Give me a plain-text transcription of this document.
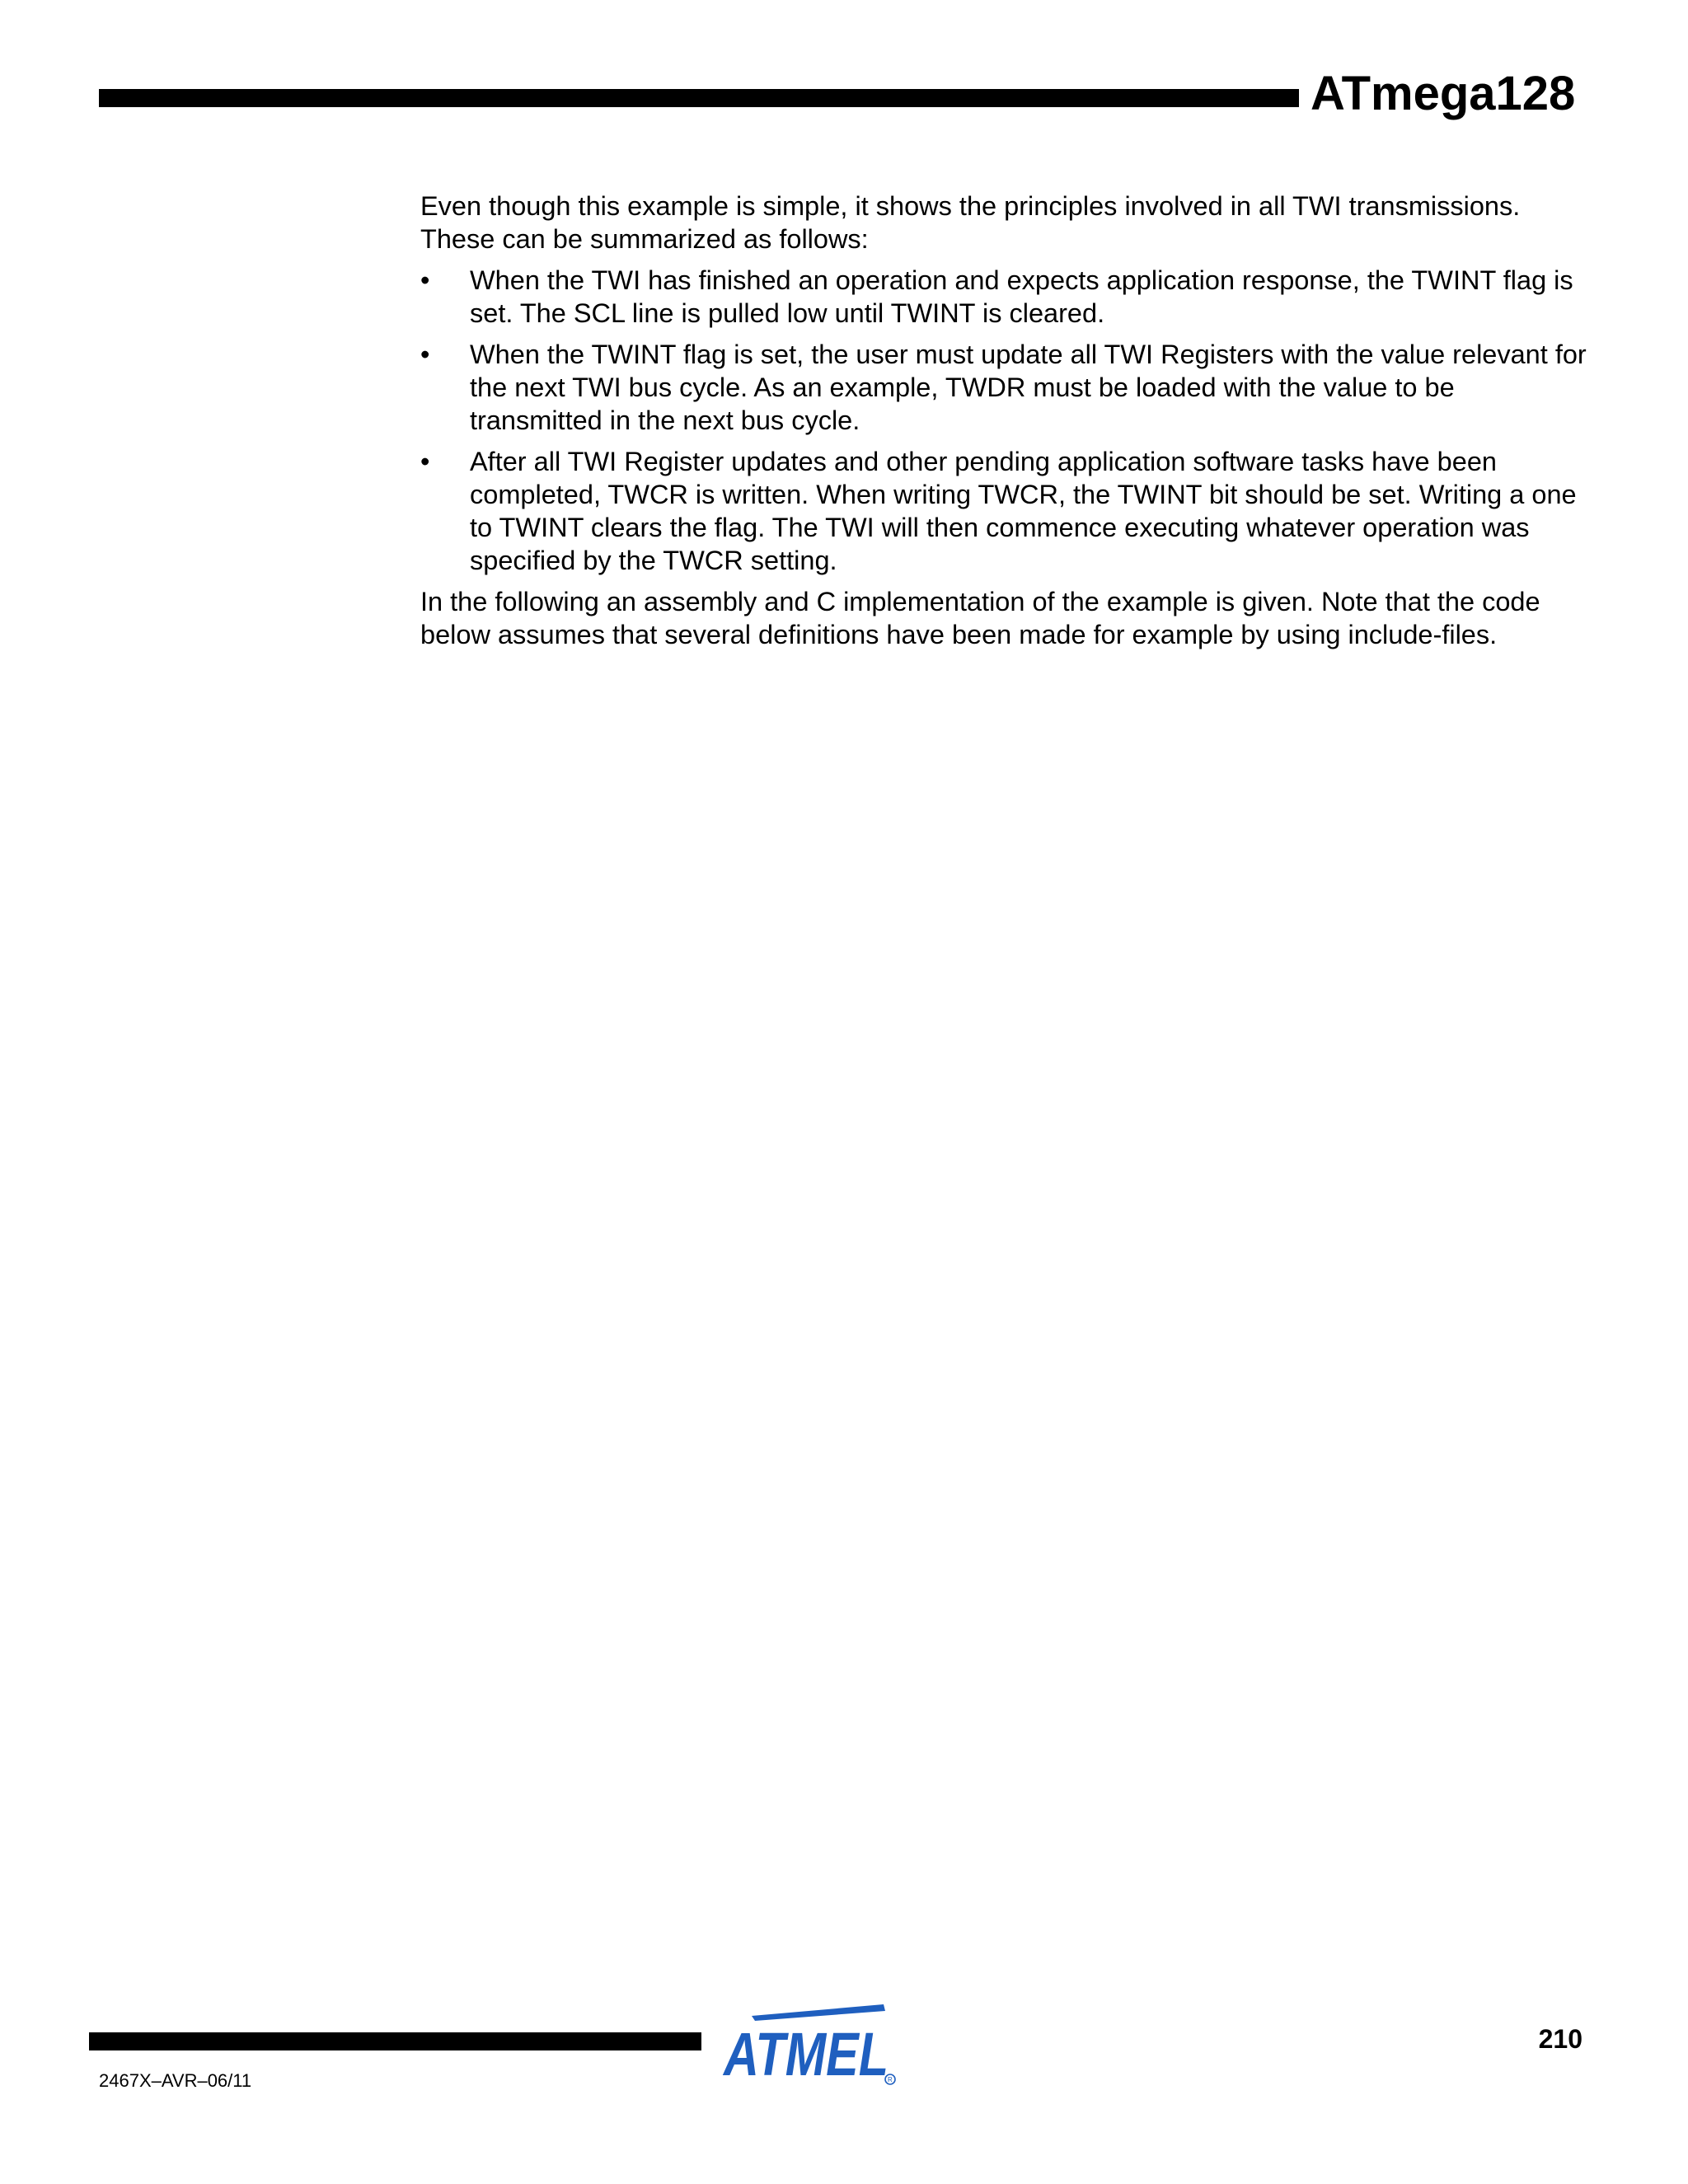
ATmega128

Even though this example is simple, it shows the principles involved in all TWI transmissions. These can be summarized as follows:

• When the TWI has finished an operation and expects application response, the TWINT flag is set. The SCL line is pulled low until TWINT is cleared.
• When the TWINT flag is set, the user must update all TWI Registers with the value relevant for the next TWI bus cycle. As an example, TWDR must be loaded with the value to be transmitted in the next bus cycle.
• After all TWI Register updates and other pending application software tasks have been completed, TWCR is written. When writing TWCR, the TWINT bit should be set. Writing a one to TWINT clears the flag. The TWI will then commence executing whatever operation was specified by the TWCR setting.

In the following an assembly and C implementation of the example is given. Note that the code below assumes that several definitions have been made for example by using include-files.

ATMEL R
210
2467X–AVR–06/11
